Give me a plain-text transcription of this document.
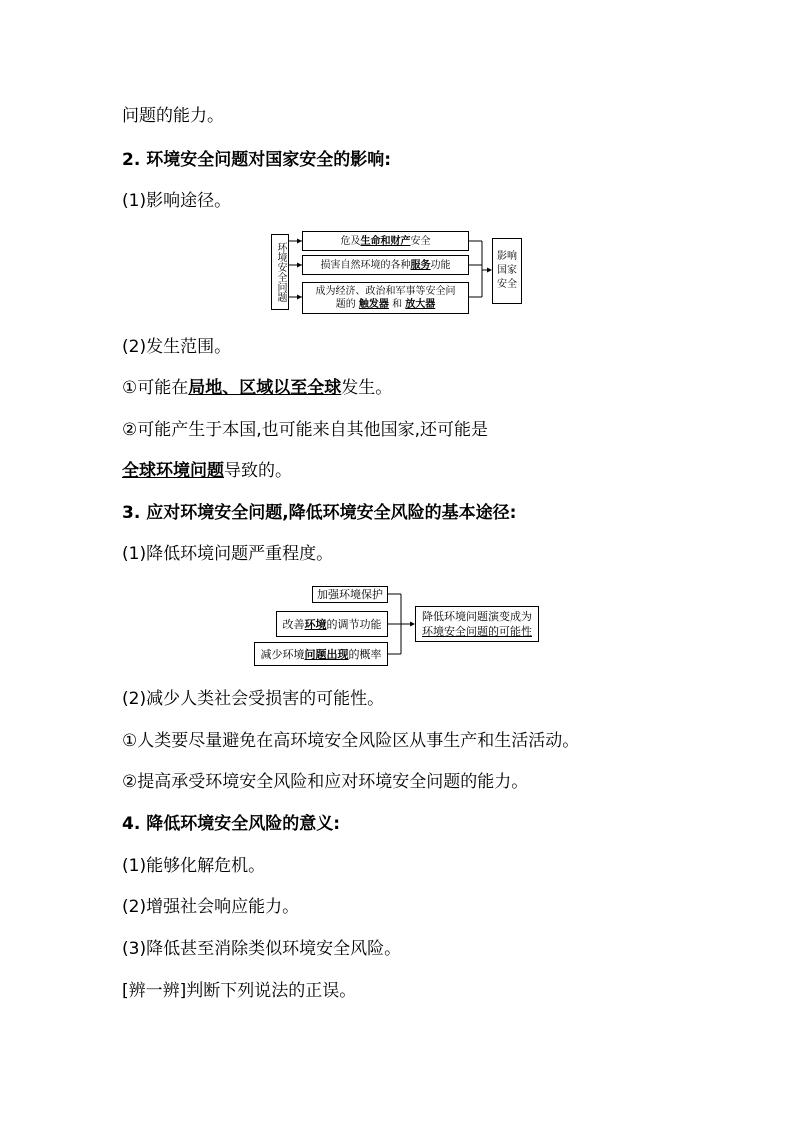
问题的能力。
2. 环境安全问题对国家安全的影响:
(1)影响途径。
环境安全问题
危及 生命和财产 安全
损害自然环境的各种 服务 功能
成为经济、政治和军事等安全问
题的 触发器 和 放大器
影响国家安全
(2)发生范围。
①可能在局地、区域以至全球发生。
②可能产生于本国,也可能来自其他国家,还可能是
全球环境问题导致的。
3. 应对环境安全问题,降低环境安全风险的基本途径:
(1)降低环境问题严重程度。
加强环境保护
改善 环境 的调节功能
减少环境 问题出现 的概率
降低环境问题演变成为
环境安全问题的可能性
(2)减少人类社会受损害的可能性。
①人类要尽量避免在高环境安全风险区从事生产和生活活动。
②提高承受环境安全风险和应对环境安全问题的能力。
4. 降低环境安全风险的意义:
(1)能够化解危机。
(2)增强社会响应能力。
(3)降低甚至消除类似环境安全风险。
[辨一辨]判断下列说法的正误。
